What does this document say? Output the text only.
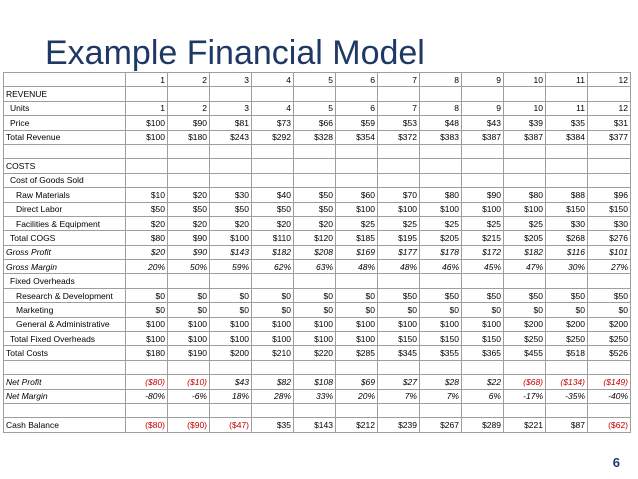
Example Financial Model
	1	2	3	4	5	6	7	8	9	10	11	12
REVENUE												
Units	1	2	3	4	5	6	7	8	9	10	11	12
Price	$100	$90	$81	$73	$66	$59	$53	$48	$43	$39	$35	$31
Total Revenue	$100	$180	$243	$292	$328	$354	$372	$383	$387	$387	$384	$377

COSTS												
Cost of Goods Sold												
Raw Materials	$10	$20	$30	$40	$50	$60	$70	$80	$90	$80	$88	$96
Direct Labor	$50	$50	$50	$50	$50	$100	$100	$100	$100	$100	$150	$150
Facilities & Equipment	$20	$20	$20	$20	$20	$25	$25	$25	$25	$25	$30	$30
Total COGS	$80	$90	$100	$110	$120	$185	$195	$205	$215	$205	$268	$276
Gross Profit	$20	$90	$143	$182	$208	$169	$177	$178	$172	$182	$116	$101
Gross Margin	20%	50%	59%	62%	63%	48%	48%	46%	45%	47%	30%	27%
Fixed Overheads												
Research & Development	$0	$0	$0	$0	$0	$0	$50	$50	$50	$50	$50	$50
Marketing	$0	$0	$0	$0	$0	$0	$0	$0	$0	$0	$0	$0
General & Administrative	$100	$100	$100	$100	$100	$100	$100	$100	$100	$200	$200	$200
Total Fixed Overheads	$100	$100	$100	$100	$100	$100	$150	$150	$150	$250	$250	$250
Total Costs	$180	$190	$200	$210	$220	$285	$345	$355	$365	$455	$518	$526

Net Profit	($80)	($10)	$43	$82	$108	$69	$27	$28	$22	($68)	($134)	($149)
Net Margin	-80%	-6%	18%	28%	33%	20%	7%	7%	6%	-17%	-35%	-40%

Cash Balance	($80)	($90)	($47)	$35	$143	$212	$239	$267	$289	$221	$87	($62)
6
